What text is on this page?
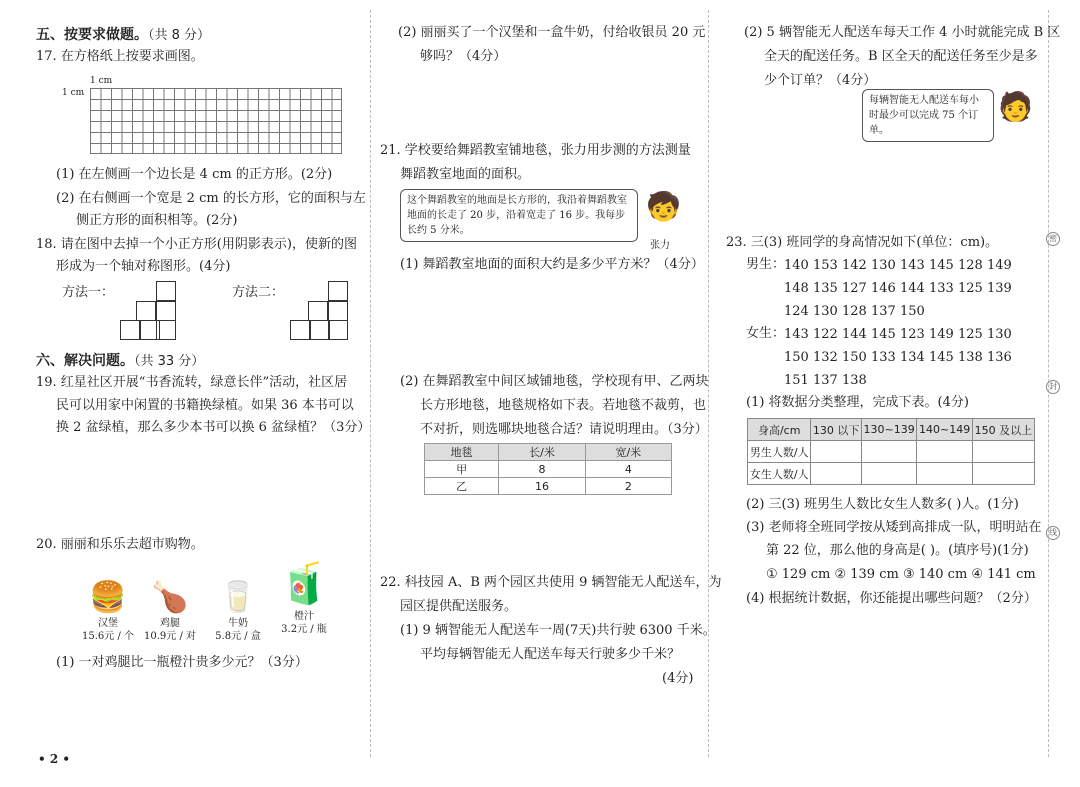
密
封
线
五、按要求做题。（共 8 分）
17. 在方格纸上按要求画图。
1 cm
1 cm
(1) 在左侧画一个边长是 4 cm 的正方形。(2分)
(2) 在右侧画一个宽是 2 cm 的长方形，它的面积与左
侧正方形的面积相等。(2分)
18. 请在图中去掉一个小正方形(用阴影表示)，使新的图
形成为一个轴对称图形。(4分)
方法一：	方法二：
六、解决问题。（共 33 分）
19. 红星社区开展“书香流转，绿意长伴”活动，社区居
民可以用家中闲置的书籍换绿植。如果 36 本书可以
换 2 盆绿植，那么多少本书可以换 6 盆绿植？（3分）
20. 丽丽和乐乐去超市购物。
🍔
汉堡
15.6元 / 个
🍗
鸡腿
10.9元 / 对
🥛
牛奶
5.8元 / 盒
🧃
橙汁
3.2元 / 瓶
(1) 一对鸡腿比一瓶橙汁贵多少元？（3分）
• 2 •
(2) 丽丽买了一个汉堡和一盒牛奶，付给收银员 20 元
够吗？（4分）
21. 学校要给舞蹈教室铺地毯，张力用步测的方法测量
舞蹈教室地面的面积。
这个舞蹈教室的地面是长方形的，我沿着舞蹈教室地面的长走了 20 步，沿着宽走了 16 步。我每步长约 5 分米。
🧒
张力
(1) 舞蹈教室地面的面积大约是多少平方米？（4分）
(2) 在舞蹈教室中间区域铺地毯，学校现有甲、乙两块
长方形地毯，地毯规格如下表。若地毯不裁剪，也
不对折，则选哪块地毯合适？请说明理由。（3分）
地毯	长/米	宽/米
甲	8	4
乙	16	2
22. 科技园 A、B 两个园区共使用 9 辆智能无人配送车，为
园区提供配送服务。
(1) 9 辆智能无人配送车一周(7天)共行驶 6300 千米。
平均每辆智能无人配送车每天行驶多少千米？
(4分)
(2) 5 辆智能无人配送车每天工作 4 小时就能完成 B 区
全天的配送任务。B 区全天的配送任务至少是多
少个订单？（4分）
每辆智能无人配送车每小时最少可以完成 75 个订单。
🧑
23. 三(3) 班同学的身高情况如下(单位：cm)。
男生：
140 153 142 130 143 145 128 149
148 135 127 146 144 133 125 139
124 130 128 137 150
女生：
143 122 144 145 123 149 125 130
150 132 150 133 134 145 138 136
151 137 138
(1) 将数据分类整理，完成下表。(4分)
身高/cm	130 以下	130~139	140~149	150 及以上
男生人数/人				
女生人数/人				
(2) 三(3) 班男生人数比女生人数多( )人。(1分)
(3) 老师将全班同学按从矮到高排成一队，明明站在
第 22 位，那么他的身高是( )。(填序号)(1分)
① 129 cm ② 139 cm ③ 140 cm ④ 141 cm
(4) 根据统计数据，你还能提出哪些问题？（2分）
